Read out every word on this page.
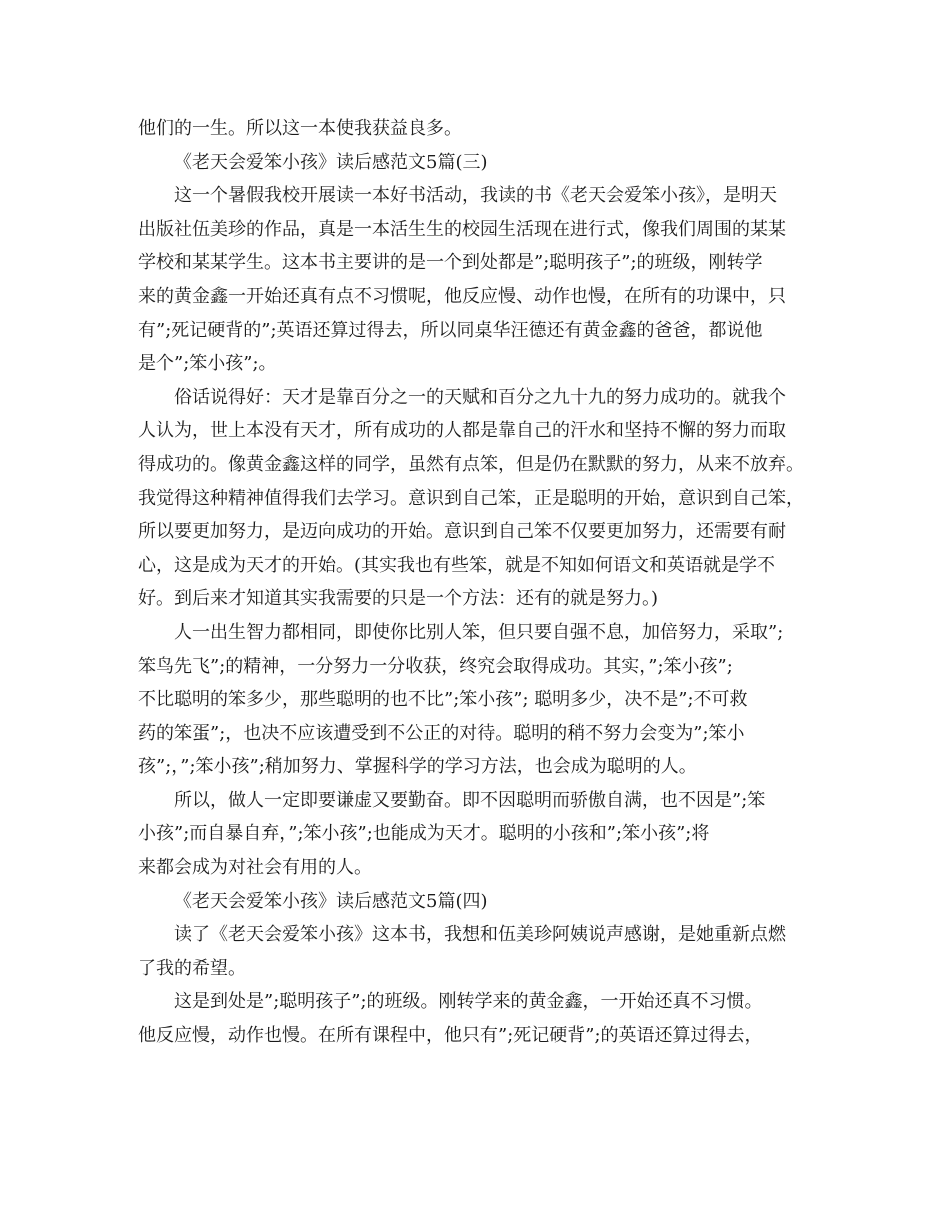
他们的一生。所以这一本使我获益良多。
《老天会爱笨小孩》读后感范文5篇(三)
这一个暑假我校开展读一本好书活动，我读的书《老天会爱笨小孩》，是明天
出版社伍美珍的作品，真是一本活生生的校园生活现在进行式，像我们周围的某某
学校和某某学生。这本书主要讲的是一个到处都是”;聪明孩子”;的班级，刚转学
来的黄金鑫一开始还真有点不习惯呢，他反应慢、动作也慢，在所有的功课中，只
有”;死记硬背的”;英语还算过得去，所以同桌华汪德还有黄金鑫的爸爸，都说他
是个”;笨小孩”;。
俗话说得好：天才是靠百分之一的天赋和百分之九十九的努力成功的。就我个
人认为，世上本没有天才，所有成功的人都是靠自己的汗水和坚持不懈的努力而取
得成功的。像黄金鑫这样的同学，虽然有点笨，但是仍在默默的努力，从来不放弃。
我觉得这种精神值得我们去学习。意识到自己笨，正是聪明的开始，意识到自己笨，
所以要更加努力，是迈向成功的开始。意识到自己笨不仅要更加努力，还需要有耐
心，这是成为天才的开始。(其实我也有些笨，就是不知如何语文和英语就是学不
好。到后来才知道其实我需要的只是一个方法：还有的就是努力。)
人一出生智力都相同，即使你比别人笨，但只要自强不息，加倍努力，采取”;
笨鸟先飞”;的精神，一分努力一分收获，终究会取得成功。其实，”;笨小孩”;
不比聪明的笨多少，那些聪明的也不比”;笨小孩”; 聪明多少，决不是”;不可救
药的笨蛋”;，也决不应该遭受到不公正的对待。聪明的稍不努力会变为”;笨小
孩”;，”;笨小孩”;稍加努力、掌握科学的学习方法，也会成为聪明的人。
所以，做人一定即要谦虚又要勤奋。即不因聪明而骄傲自满，也不因是”;笨
小孩”;而自暴自弃，”;笨小孩”;也能成为天才。聪明的小孩和”;笨小孩”;将
来都会成为对社会有用的人。
《老天会爱笨小孩》读后感范文5篇(四)
读了《老天会爱笨小孩》这本书，我想和伍美珍阿姨说声感谢，是她重新点燃
了我的希望。
这是到处是”;聪明孩子”;的班级。刚转学来的黄金鑫，一开始还真不习惯。
他反应慢，动作也慢。在所有课程中，他只有”;死记硬背”;的英语还算过得去，
